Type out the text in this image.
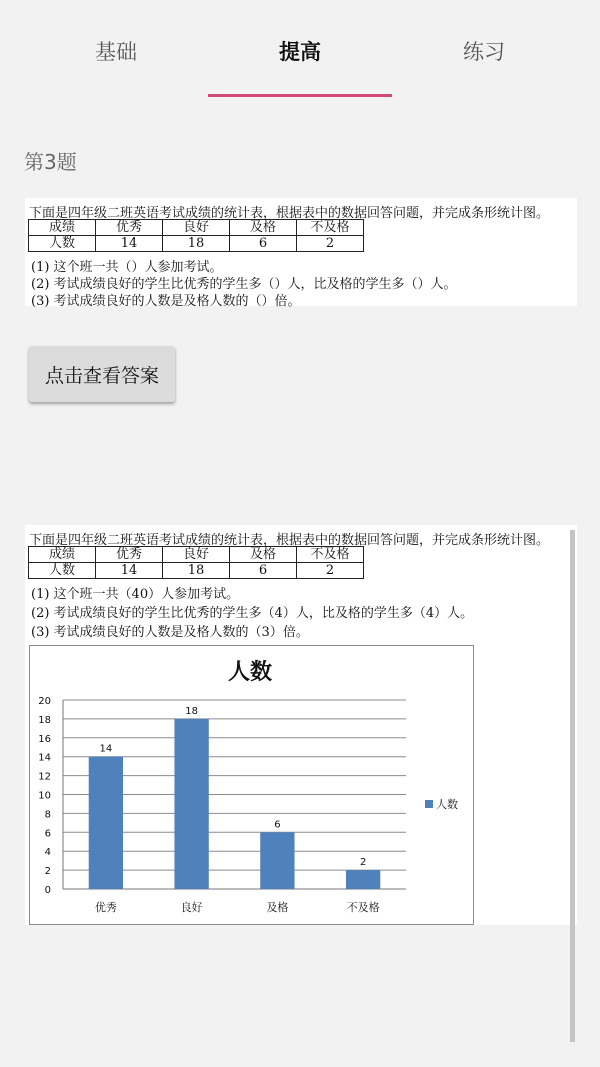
基础	提高	练习
第3题
下面是四年级二班英语考试成绩的统计表，根据表中的数据回答问题，并完成条形统计图。
成绩	优秀	良好	及格	不及格
人数	14	18	6	2
(1) 这个班一共（）人参加考试。
(2) 考试成绩良好的学生比优秀的学生多（）人，比及格的学生多（）人。
(3) 考试成绩良好的人数是及格人数的（）倍。
点击查看答案
下面是四年级二班英语考试成绩的统计表，根据表中的数据回答问题，并完成条形统计图。
成绩	优秀	良好	及格	不及格
人数	14	18	6	2
(1) 这个班一共（40）人参加考试。
(2) 考试成绩良好的学生比优秀的学生多（4）人，比及格的学生多（4）人。
(3) 考试成绩良好的人数是及格人数的（3）倍。
人数
0
2
4
6
8
10
12
14
16
18
20
14
优秀
18
良好
6
及格
2
不及格
人数
